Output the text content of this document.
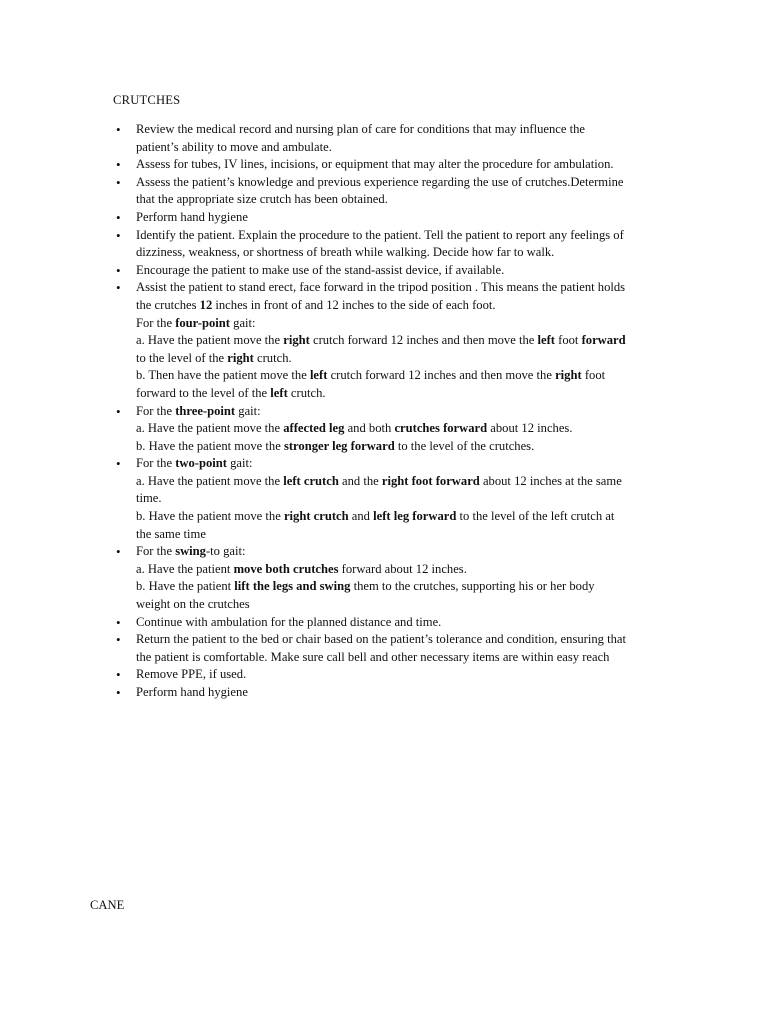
CRUTCHES
• Review the medical record and nursing plan of care for conditions that may influence the
patient’s ability to move and ambulate.
• Assess for tubes, IV lines, incisions, or equipment that may alter the procedure for ambulation.
• Assess the patient’s knowledge and previous experience regarding the use of crutches.Determine
that the appropriate size crutch has been obtained.
• Perform hand hygiene
• Identify the patient. Explain the procedure to the patient. Tell the patient to report any feelings of
dizziness, weakness, or shortness of breath while walking. Decide how far to walk.
• Encourage the patient to make use of the stand-assist device, if available.
• Assist the patient to stand erect, face forward in the tripod position . This means the patient holds
the crutches 12 inches in front of and 12 inches to the side of each foot.
For the four-point gait:
a. Have the patient move the right crutch forward 12 inches and then move the left foot forward
to the level of the right crutch.
b. Then have the patient move the left crutch forward 12 inches and then move the right foot
forward to the level of the left crutch.
• For the three-point gait:
a. Have the patient move the affected leg and both crutches forward about 12 inches.
b. Have the patient move the stronger leg forward to the level of the crutches.
• For the two-point gait:
a. Have the patient move the left crutch and the right foot forward about 12 inches at the same
time.
b. Have the patient move the right crutch and left leg forward to the level of the left crutch at
the same time
• For the swing-to gait:
a. Have the patient move both crutches forward about 12 inches.
b. Have the patient lift the legs and swing them to the crutches, supporting his or her body
weight on the crutches
• Continue with ambulation for the planned distance and time.
• Return the patient to the bed or chair based on the patient’s tolerance and condition, ensuring that
the patient is comfortable. Make sure call bell and other necessary items are within easy reach
• Remove PPE, if used.
• Perform hand hygiene
CANE
